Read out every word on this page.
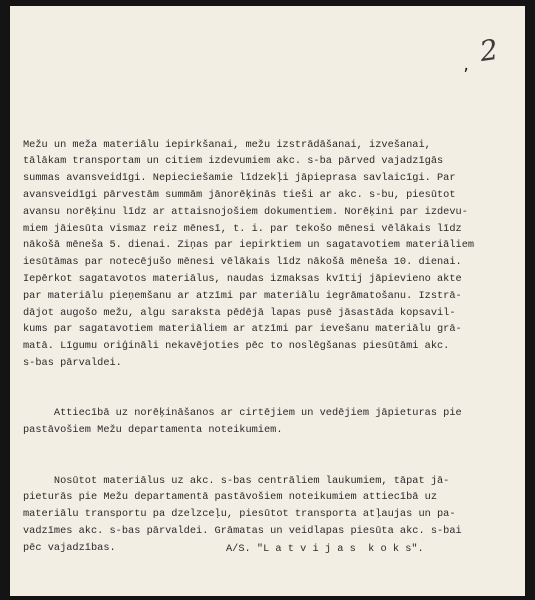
, 2

Mežu un meža materiālu iepirkšanai, mežu izstrādāšanai, izvešanai,
tālākam transportam un citiem izdevumiem akc. s-ba pārved vajadzīgās
summas avansveidīgi. Nepieciešamie līdzekļi jāpieprasa savlaicīgi. Par
avansveidīgi pārvestām summām jānorēķinās tieši ar akc. s-bu, piesūtot
avansu norēķinu līdz ar attaisnojošiem dokumentiem. Norēķini par izdevu-
miem jāiesūta vismaz reiz mēnesī, t. i. par tekošo mēnesi vēlākais līdz
nākošā mēneša 5. dienai. Ziņas par iepirktiem un sagatavotiem materiāliem
iesūtāmas par notecējušo mēnesi vēlākais līdz nākošā mēneša 10. dienai.
Iepērkot sagatavotos materiālus, naudas izmaksas kvītij jāpievieno akte
par materiālu pieņemšanu ar atzīmi par materiālu iegrāmatošanu. Izstrā-
dājot augošo mežu, algu saraksta pēdējā lapas pusē jāsastāda kopsavil-
kums par sagatavotiem materiāliem ar atzīmi par ievešanu materiālu grā-
matā. Līgumu oriģināli nekavējoties pēc to noslēgšanas piesūtāmi akc.
s-bas pārvaldei.

Attiecībā uz norēķināšanos ar cirtējiem un vedējiem jāpieturas pie
pastāvošiem Mežu departamenta noteikumiem.

Nosūtot materiālus uz akc. s-bas centrāliem laukumiem, tāpat jā-
pieturās pie Mežu departamentā pastāvošiem noteikumiem attiecībā uz
materiālu transportu pa dzelzceļu, piesūtot transporta atļaujas un pa-
vadzīmes akc. s-bas pārvaldei. Grāmatas un veidlapas piesūta akc. s-bai
pēc vajadzības.

	A/S. "L a t v i j a s  k o k s".
